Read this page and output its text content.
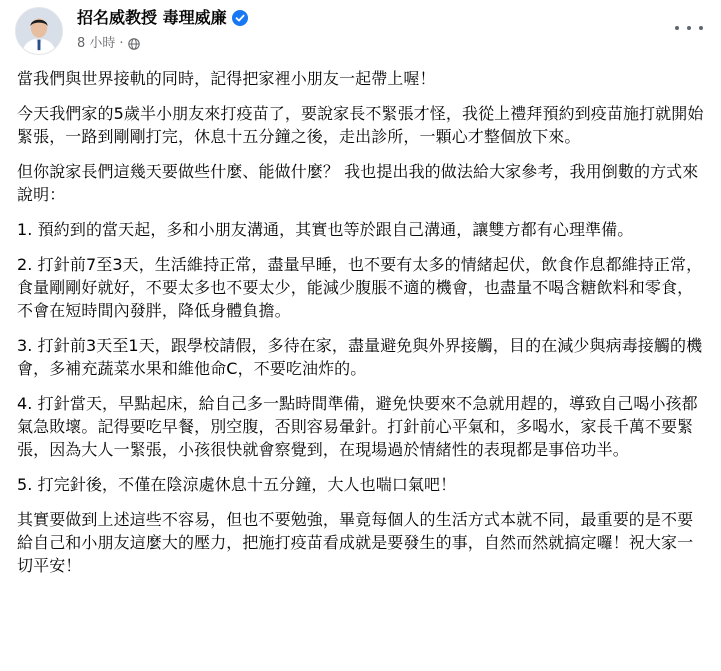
招名威教授 毒理威廉
8 小時 ·

當我們與世界接軌的同時，記得把家裡小朋友一起帶上喔！

今天我們家的5歲半小朋友來打疫苗了，要說家長不緊張才怪，我從上禮拜預約到疫苗施打就開始緊張，一路到剛剛打完，休息十五分鐘之後，走出診所，一顆心才整個放下來。

但你說家長們這幾天要做些什麼、能做什麼？ 我也提出我的做法給大家參考，我用倒數的方式來說明：

1. 預約到的當天起，多和小朋友溝通，其實也等於跟自己溝通，讓雙方都有心理準備。

2. 打針前7至3天，生活維持正常，盡量早睡，也不要有太多的情緒起伏，飲食作息都維持正常，食量剛剛好就好，不要太多也不要太少，能減少腹脹不適的機會，也盡量不喝含糖飲料和零食，不會在短時間內發胖，降低身體負擔。

3. 打針前3天至1天，跟學校請假，多待在家，盡量避免與外界接觸，目的在減少與病毒接觸的機會，多補充蔬菜水果和維他命C，不要吃油炸的。

4. 打針當天，早點起床，給自己多一點時間準備，避免快要來不急就用趕的，導致自己喝小孩都氣急敗壞。記得要吃早餐，別空腹，否則容易暈針。打針前心平氣和，多喝水，家長千萬不要緊張，因為大人一緊張，小孩很快就會察覺到，在現場過於情緒性的表現都是事倍功半。

5. 打完針後，不僅在陰涼處休息十五分鐘，大人也喘口氣吧！

其實要做到上述這些不容易，但也不要勉強，畢竟每個人的生活方式本就不同，最重要的是不要給自己和小朋友這麼大的壓力，把施打疫苗看成就是要發生的事，自然而然就搞定囉！祝大家一切平安！
